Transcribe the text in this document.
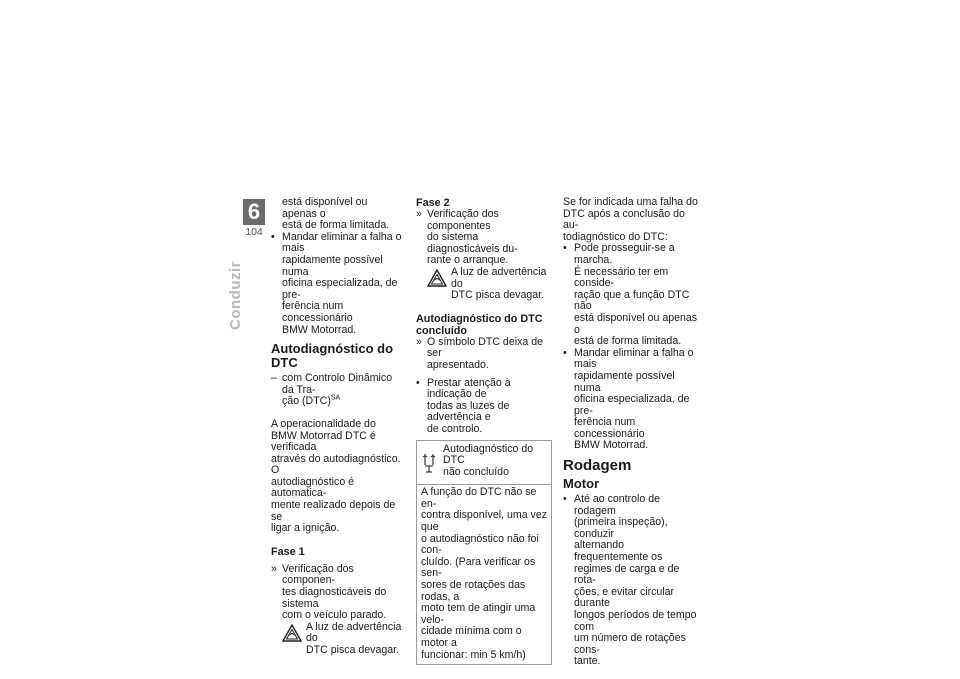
6
104
Conduzir

está disponível ou apenas o

está de forma limitada.

• Mandar eliminar a falha o mais

rapidamente possível numa

oficina especializada, de pre-

ferência num concessionário

BMW Motorrad.

Autodiagnóstico do DTC
– com Controlo Dinâmico da Tra-

ção (DTC)$^{SA}$

A operacionalidade do

BMW Motorrad DTC é verificada

através do autodiagnóstico. O

autodiagnóstico é automatica-

mente realizado depois de se

ligar a ignição.

Fase 1
» Verificação dos componen-

tes diagnosticáveis do sistema

com o veículo parado.

A luz de advertência do

DTC pisca devagar.

Fase 2
» Verificação dos componentes

do sistema diagnosticáveis du-

rante o arranque.

A luz de advertência do

DTC pisca devagar.

Autodiagnóstico do DTC

concluído

» O símbolo DTC deixa de ser

apresentado.

• Prestar atenção à indicação de

todas as luzes de advertência e

de controlo.

Autodiagnóstico do DTC

não concluído

A função do DTC não se en-

contra disponível, uma vez que

o autodiagnóstico não foi con-

cluído. (Para verificar os sen-

sores de rotações das rodas, a

moto tem de atingir uma velo-

cidade mínima com o motor a

funcionar: min 5 km/h)

Se for indicada uma falha do

DTC após a conclusão do au-

todiagnóstico do DTC:

• Pode prosseguir-se a marcha.

É necessário ter em conside-

ração que a função DTC não

está disponível ou apenas o

está de forma limitada.

• Mandar eliminar a falha o mais

rapidamente possível numa

oficina especializada, de pre-

ferência num concessionário

BMW Motorrad.

Rodagem
Motor
• Até ao controlo de rodagem

(primeira inspeção), conduzir

alternando frequentemente os

regimes de carga e de rota-

ções, e evitar circular durante

longos períodos de tempo com

um número de rotações cons-

tante.
